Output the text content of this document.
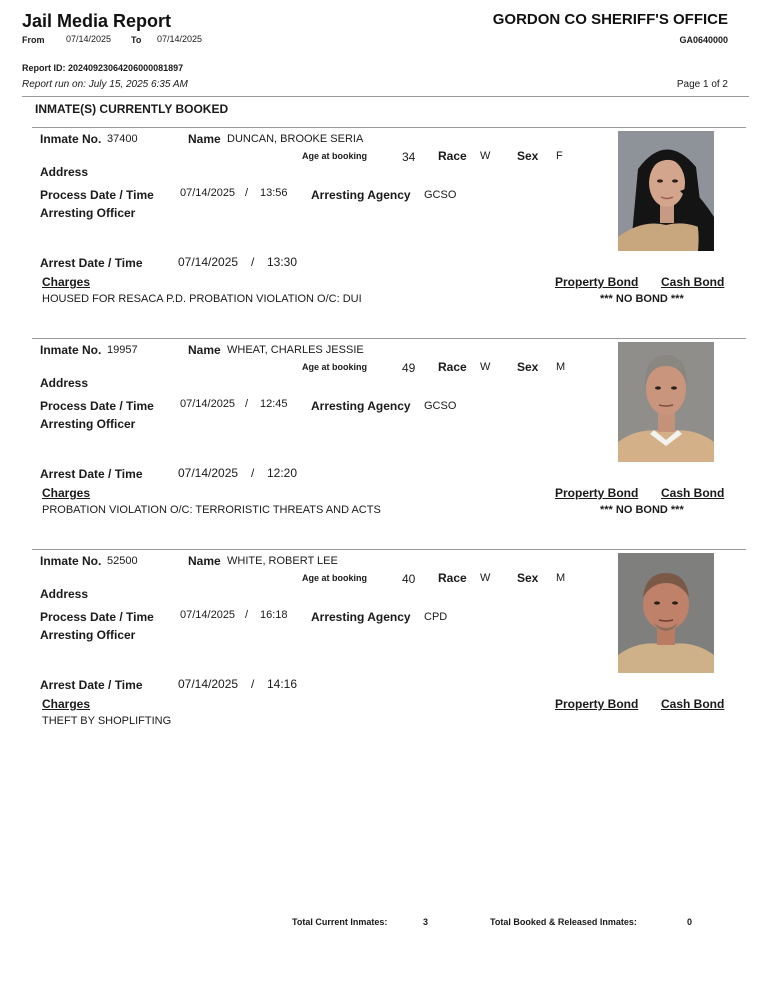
Jail Media Report	GORDON CO SHERIFF'S OFFICE
From 07/14/2025 To 07/14/2025	GA0640000
Report ID: 20240923064206000081897
Report run on: July 15, 2025 6:35 AM	Page 1 of 2
INMATE(S) CURRENTLY BOOKED
Inmate No. 37400	Name DUNCAN, BROOKE SERIA
Age at booking	34 Race W Sex F
Address
Process Date / Time 07/14/2025 / 13:56 Arresting Agency GCSO
Arresting Officer
Arrest Date / Time	07/14/2025 / 13:30
Charges	Property Bond Cash Bond
HOUSED FOR RESACA P.D. PROBATION VIOLATION O/C: DUI	*** NO BOND ***
Inmate No. 19957	Name WHEAT, CHARLES JESSIE
Age at booking	49 Race W Sex M
Address
Process Date / Time 07/14/2025 / 12:45 Arresting Agency GCSO
Arresting Officer
Arrest Date / Time	07/14/2025 / 12:20
Charges	Property Bond Cash Bond
PROBATION VIOLATION O/C: TERRORISTIC THREATS AND ACTS	*** NO BOND ***
Inmate No. 52500	Name WHITE, ROBERT LEE
Age at booking	40 Race W Sex M
Address
Process Date / Time 07/14/2025 / 16:18 Arresting Agency CPD
Arresting Officer
Arrest Date / Time	07/14/2025 / 14:16
Charges	Property Bond Cash Bond
THEFT BY SHOPLIFTING
Total Current Inmates:	3	Total Booked & Released Inmates:	0
